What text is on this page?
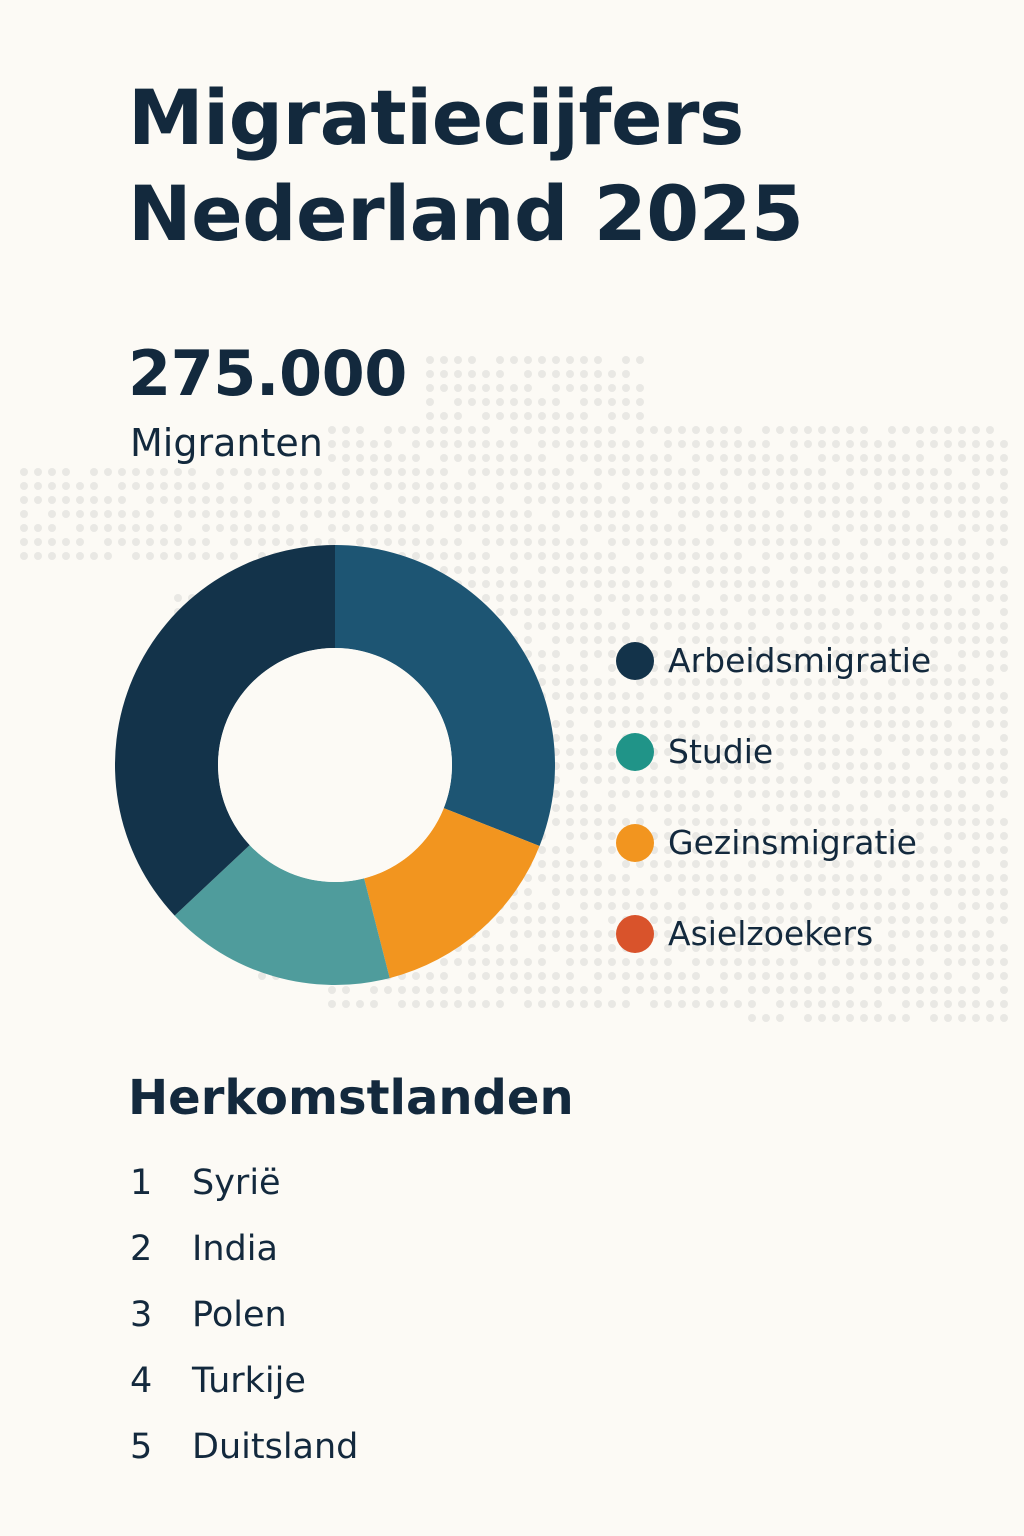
Migratiecijfers
Nederland 2025
275.000
Migranten
Arbeidsmigratie
Studie
Gezinsmigratie
Asielzoekers
Herkomstlanden
1	Syrië
2	India
3	Polen
4	Turkije
5	Duitsland
